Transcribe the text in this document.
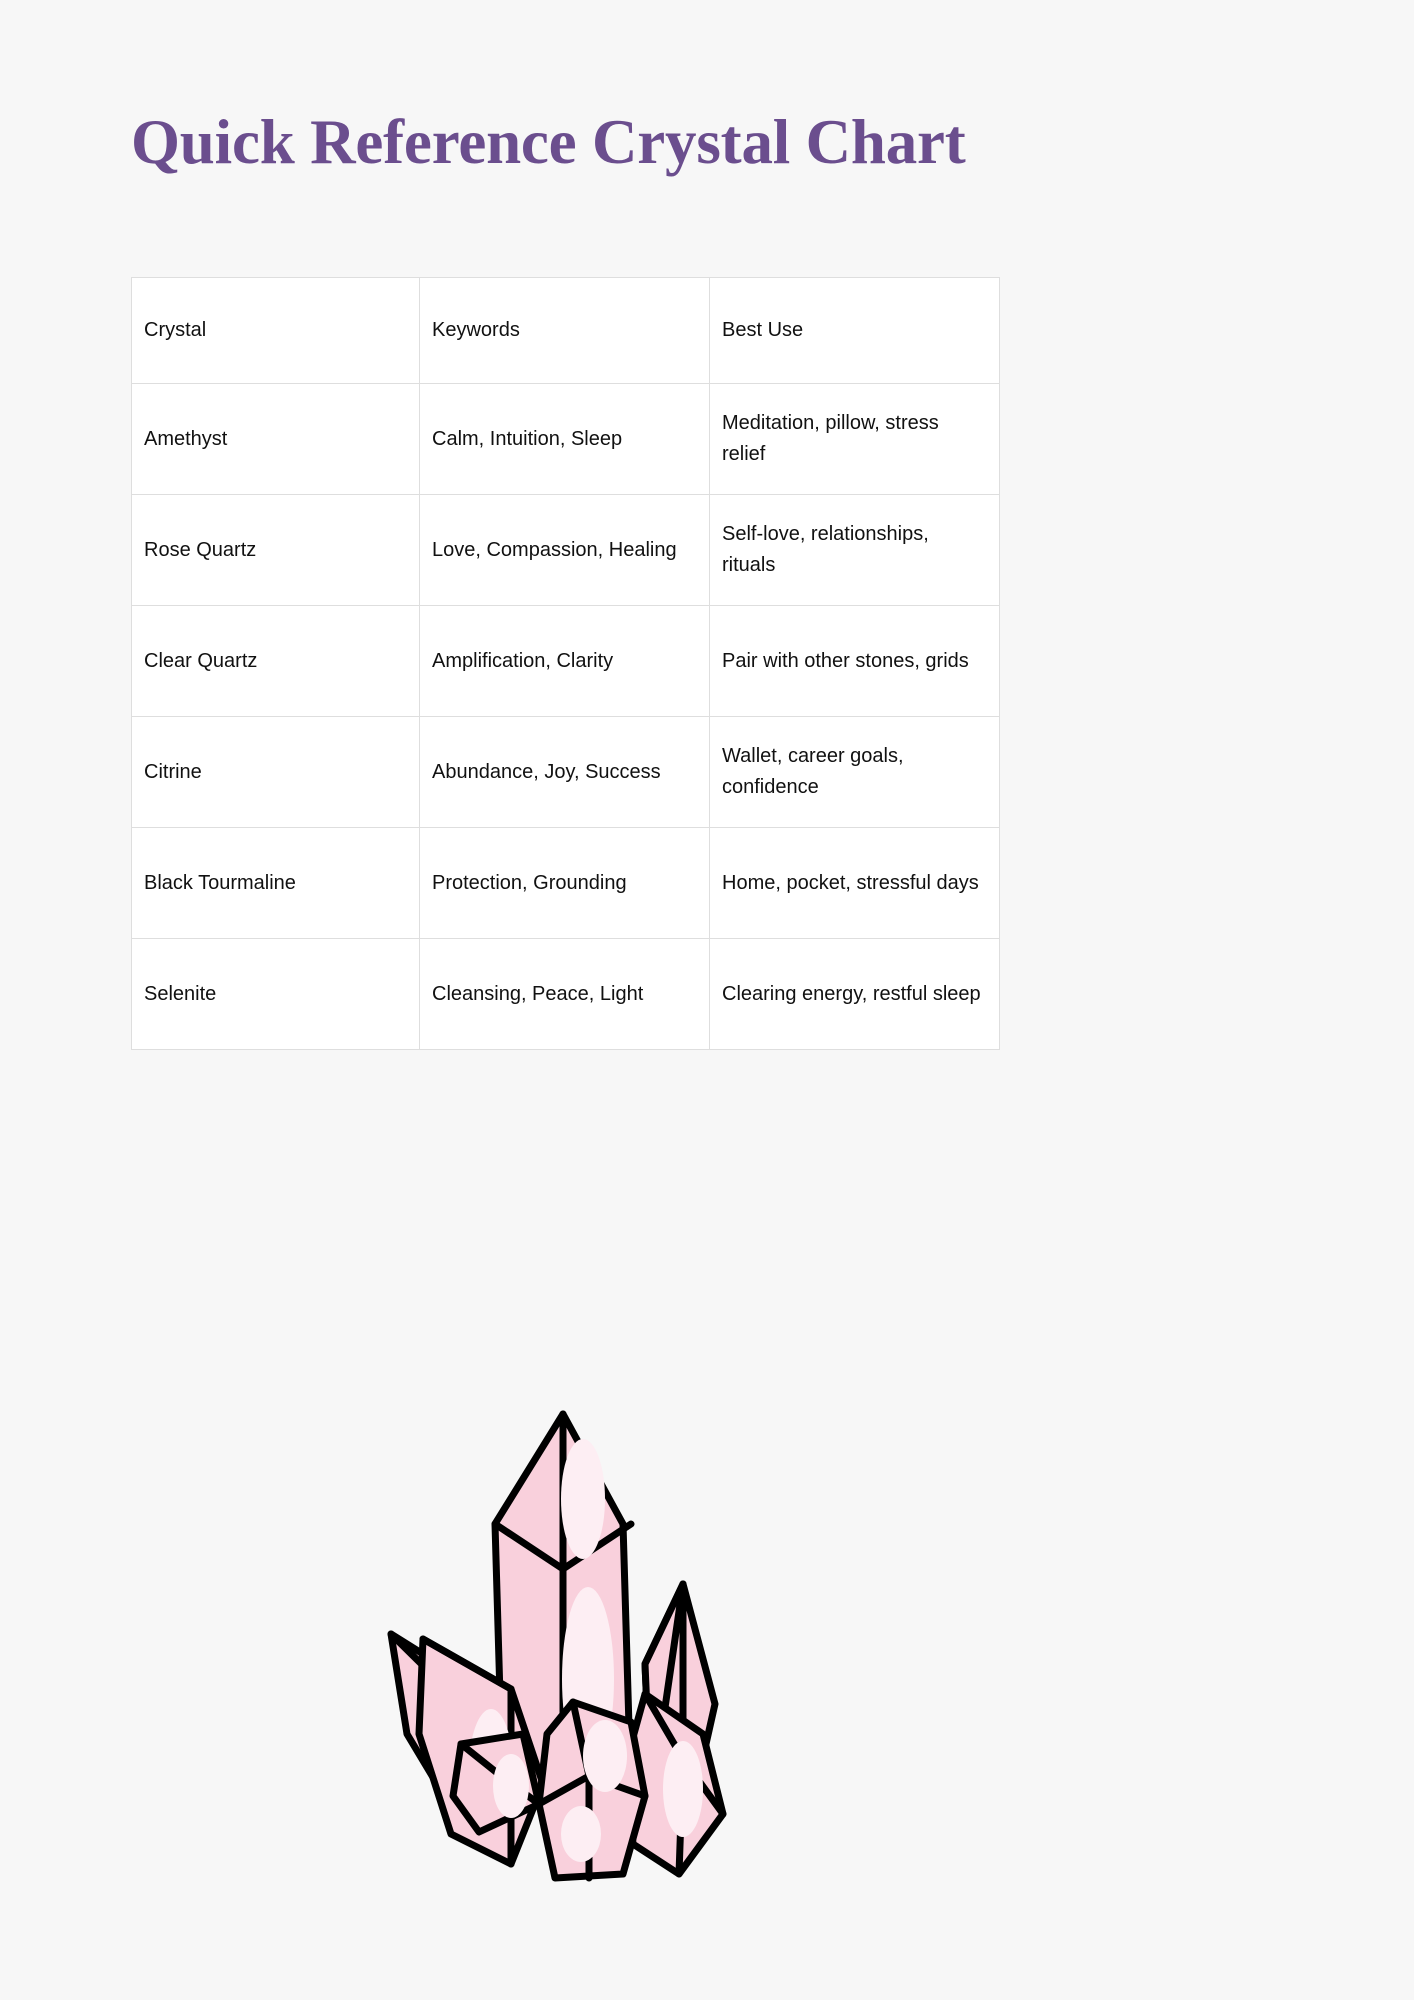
Quick Reference Crystal Chart
Crystal	Keywords	Best Use
Amethyst	Calm, Intuition, Sleep	Meditation, pillow, stress relief
Rose Quartz	Love, Compassion, Healing	Self-love, relationships, rituals
Clear Quartz	Amplification, Clarity	Pair with other stones, grids
Citrine	Abundance, Joy, Success	Wallet, career goals, confidence
Black Tourmaline	Protection, Grounding	Home, pocket, stressful days
Selenite	Cleansing, Peace, Light	Clearing energy, restful sleep
